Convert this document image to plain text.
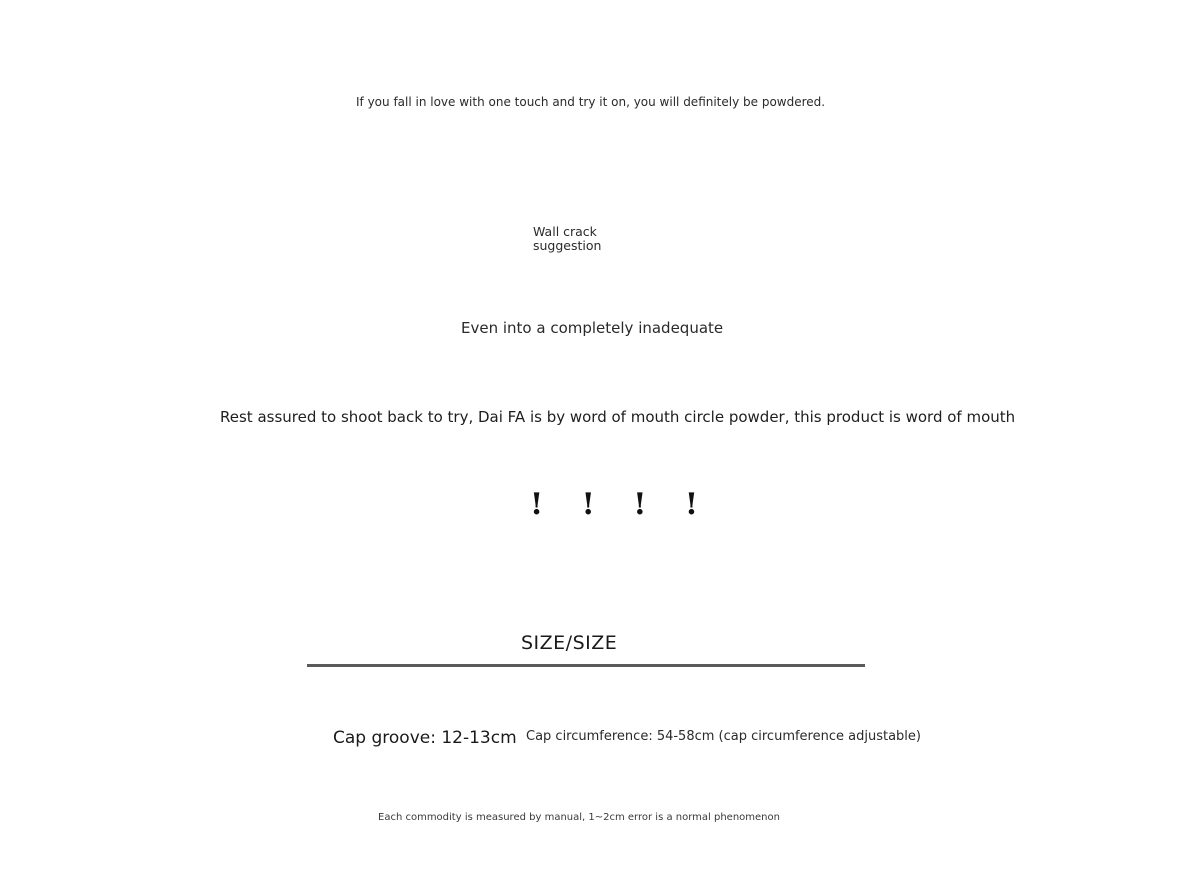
If you fall in love with one touch and try it on, you will definitely be powdered.
Wall crack suggestion
Even into a completely inadequate
Rest assured to shoot back to try, Dai FA is by word of mouth circle powder, this product is word of mouth
! ! ! !
SIZE/SIZE
Cap groove: 12-13cm Cap circumference: 54-58cm (cap circumference adjustable)
Each commodity is measured by manual, 1~2cm error is a normal phenomenon
